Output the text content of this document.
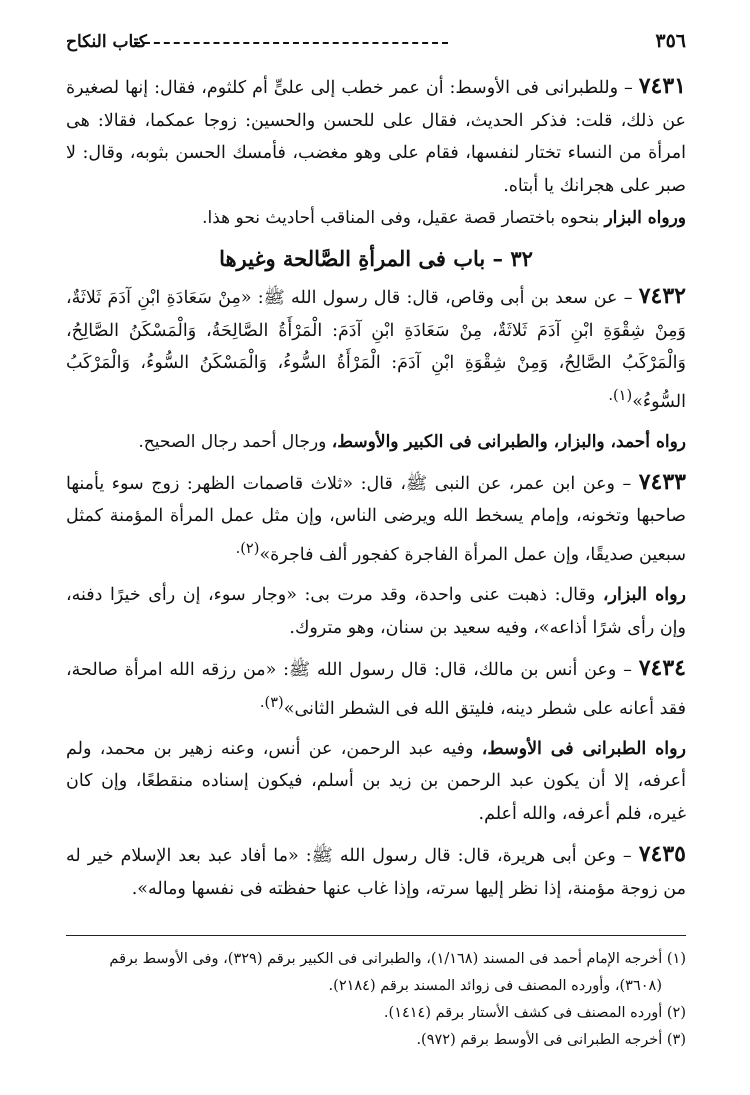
٣٥٦
كتاب النكاح

٧٤٣١ – وللطبرانى فى الأوسط: أن عمر خطب إلى علىٍّ أم كلثوم، فقال: إنها لصغيرة عن ذلك، قلت: فذكر الحديث، فقال على للحسن والحسين: زوجا عمكما، فقالا: هى امرأة من النساء تختار لنفسها، فقام على وهو مغضب، فأمسك الحسن بثوبه، وقال: لا صبر على هجرانك يا أبتاه.

ورواه البزار بنحوه باختصار قصة عقيل، وفى المناقب أحاديث نحو هذا.

٣٢ – باب فى المرأةِ الصَّالحة وغيرها

٧٤٣٢ – عن سعد بن أبى وقاص، قال: قال رسول الله ﷺ: «مِنْ سَعَادَةِ ابْنِ آدَمَ ثَلاثَةٌ، وَمِنْ شِقْوَةِ ابْنِ آدَمَ ثَلاثَةٌ، مِنْ سَعَادَةِ ابْنِ آدَمَ: الْمَرْأَةُ الصَّالِحَةُ، وَالْمَسْكَنُ الصَّالِحُ، وَالْمَرْكَبُ الصَّالِحُ، وَمِنْ شِقْوَةِ ابْنِ آدَمَ: الْمَرْأَةُ السُّوءُ، وَالْمَسْكَنُ السُّوءُ، وَالْمَرْكَبُ السُّوءُ»$^{(١).}$

رواه أحمد، والبزار، والطبرانى فى الكبير والأوسط، ورجال أحمد رجال الصحيح.

٧٤٣٣ – وعن ابن عمر، عن النبى ﷺ، قال: «ثلاث قاصمات الظهر: زوج سوء يأمنها صاحبها وتخونه، وإمام يسخط الله ويرضى الناس، وإن مثل عمل المرأة المؤمنة كمثل سبعين صديقًا، وإن عمل المرأة الفاجرة كفجور ألف فاجرة»$^{(٢).}$

رواه البزار، وقال: ذهبت عنى واحدة، وقد مرت بى: «وجار سوء، إن رأى خيرًا دفنه، وإن رأى شرًا أذاعه»، وفيه سعيد بن سنان، وهو متروك.

٧٤٣٤ – وعن أنس بن مالك، قال: قال رسول الله ﷺ: «من رزقه الله امرأة صالحة، فقد أعانه على شطر دينه، فليتق الله فى الشطر الثانى»$^{(٣).}$

رواه الطبرانى فى الأوسط، وفيه عبد الرحمن، عن أنس، وعنه زهير بن محمد، ولم أعرفه، إلا أن يكون عبد الرحمن بن زيد بن أسلم، فيكون إسناده منقطعًا، وإن كان غيره، فلم أعرفه، والله أعلم.

٧٤٣٥ – وعن أبى هريرة، قال: قال رسول الله ﷺ: «ما أفاد عبد بعد الإسلام خير له من زوجة مؤمنة، إذا نظر إليها سرته، وإذا غاب عنها حفظته فى نفسها وماله».

(١) أخرجه الإمام أحمد فى المسند (١/١٦٨)، والطبرانى فى الكبير برقم (٣٢٩)، وفى الأوسط برقم
(٣٦٠٨)، وأورده المصنف فى زوائد المسند برقم (٢١٨٤).

(٢) أورده المصنف فى كشف الأستار برقم (١٤١٤).

(٣) أخرجه الطبرانى فى الأوسط برقم (٩٧٢).
